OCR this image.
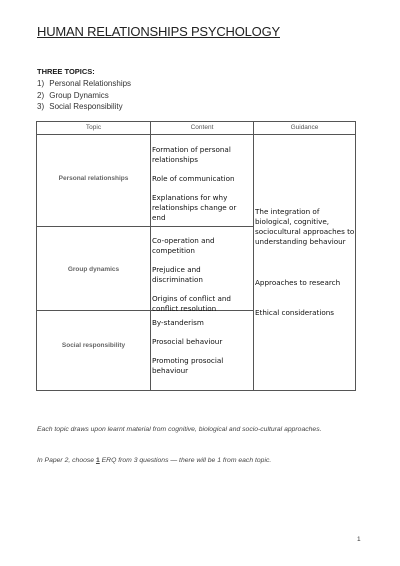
HUMAN RELATIONSHIPS PSYCHOLOGY
THREE TOPICS:
1) Personal Relationships
2) Group Dynamics
3) Social Responsibility
Topic	Content	Guidance
Personal relationships

Formation of personal relationships

Role of communication

Explanations for why relationships change or end

Group dynamics

Co-operation and competition

Prejudice and discrimination

Origins of conflict and conflict resolution

Social responsibility

By-standerism

Prosocial behaviour

Promoting prosocial behaviour

The integration of biological, cognitive, sociocultural approaches to understanding behaviour
Approaches to research
Ethical considerations
Each topic draws upon learnt material from cognitive, biological and socio-cultural approaches.
In Paper 2, choose 1 ERQ from 3 questions — there will be 1 from each topic.
1
